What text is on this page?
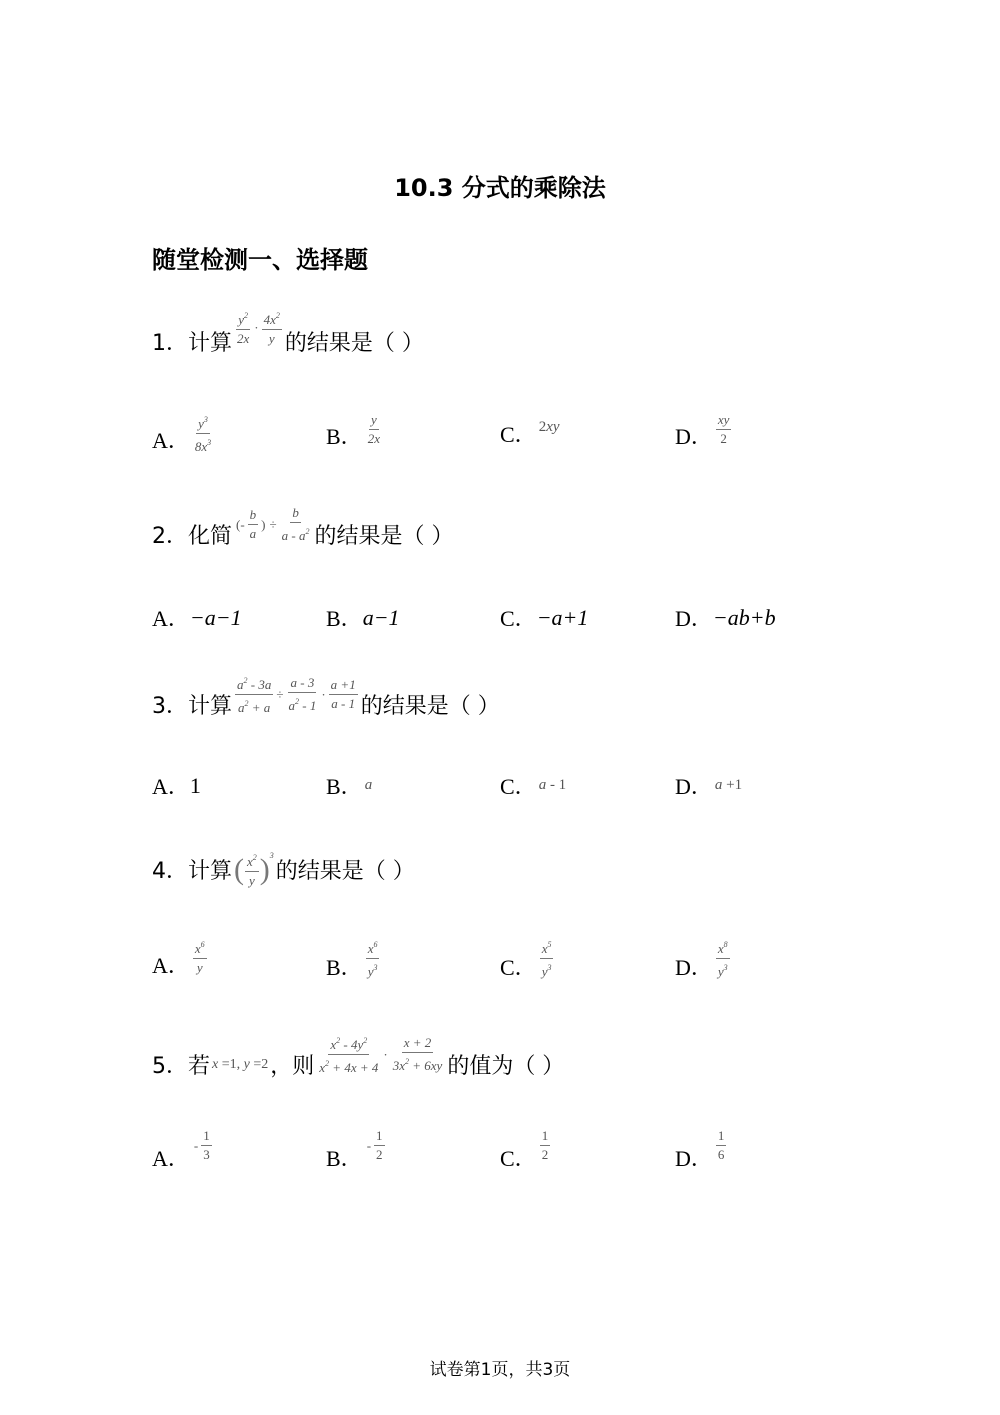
10.3 分式的乘除法
随堂检测一、选择题
1．计算 $\frac{y^2}{2x} \cdot \frac{4x^2}{y}$ 的结果是（ ）
A． $\frac{y^3}{8x^3}$	B． $\frac{y}{2x}$	C． 2 xy	D． $\frac{xy}{2}$
2．化简 (- $\frac{b}{a}$ ) ÷ $\frac{b}{a - a^2}$ 的结果是（ ）
A． −a−1	B． a−1	C． −a+1	D． −ab+b
3．计算 $\frac{a^2 - 3a}{a^2 + a} \div \frac{a - 3}{a^2 - 1} \cdot \frac{a +1}{a - 1}$ 的结果是（ ）
A． 1	B． a	C． a - 1	D． a +1
4．计算 ( $\frac{x^2}{y} )^3$
的结果是（ ）
A． $\frac{x^6}{y}$	B． $\frac{x^6}{y^3}$	C． $\frac{x^5}{y^3}$	D． $\frac{x^8}{y^3}$
5．若 x =1, y =2 ，则 $\frac{x^2 - 4y^2}{x^2 + 4x + 4} \cdot \frac{x + 2}{3x^2 + 6xy}$ 的值为（ ）
A．
- $\frac{1}{3}$	B．
- $\frac{1}{2}$	C． $\frac{1}{2}$	D． $\frac{1}{6}$
试卷第1页，共3页
